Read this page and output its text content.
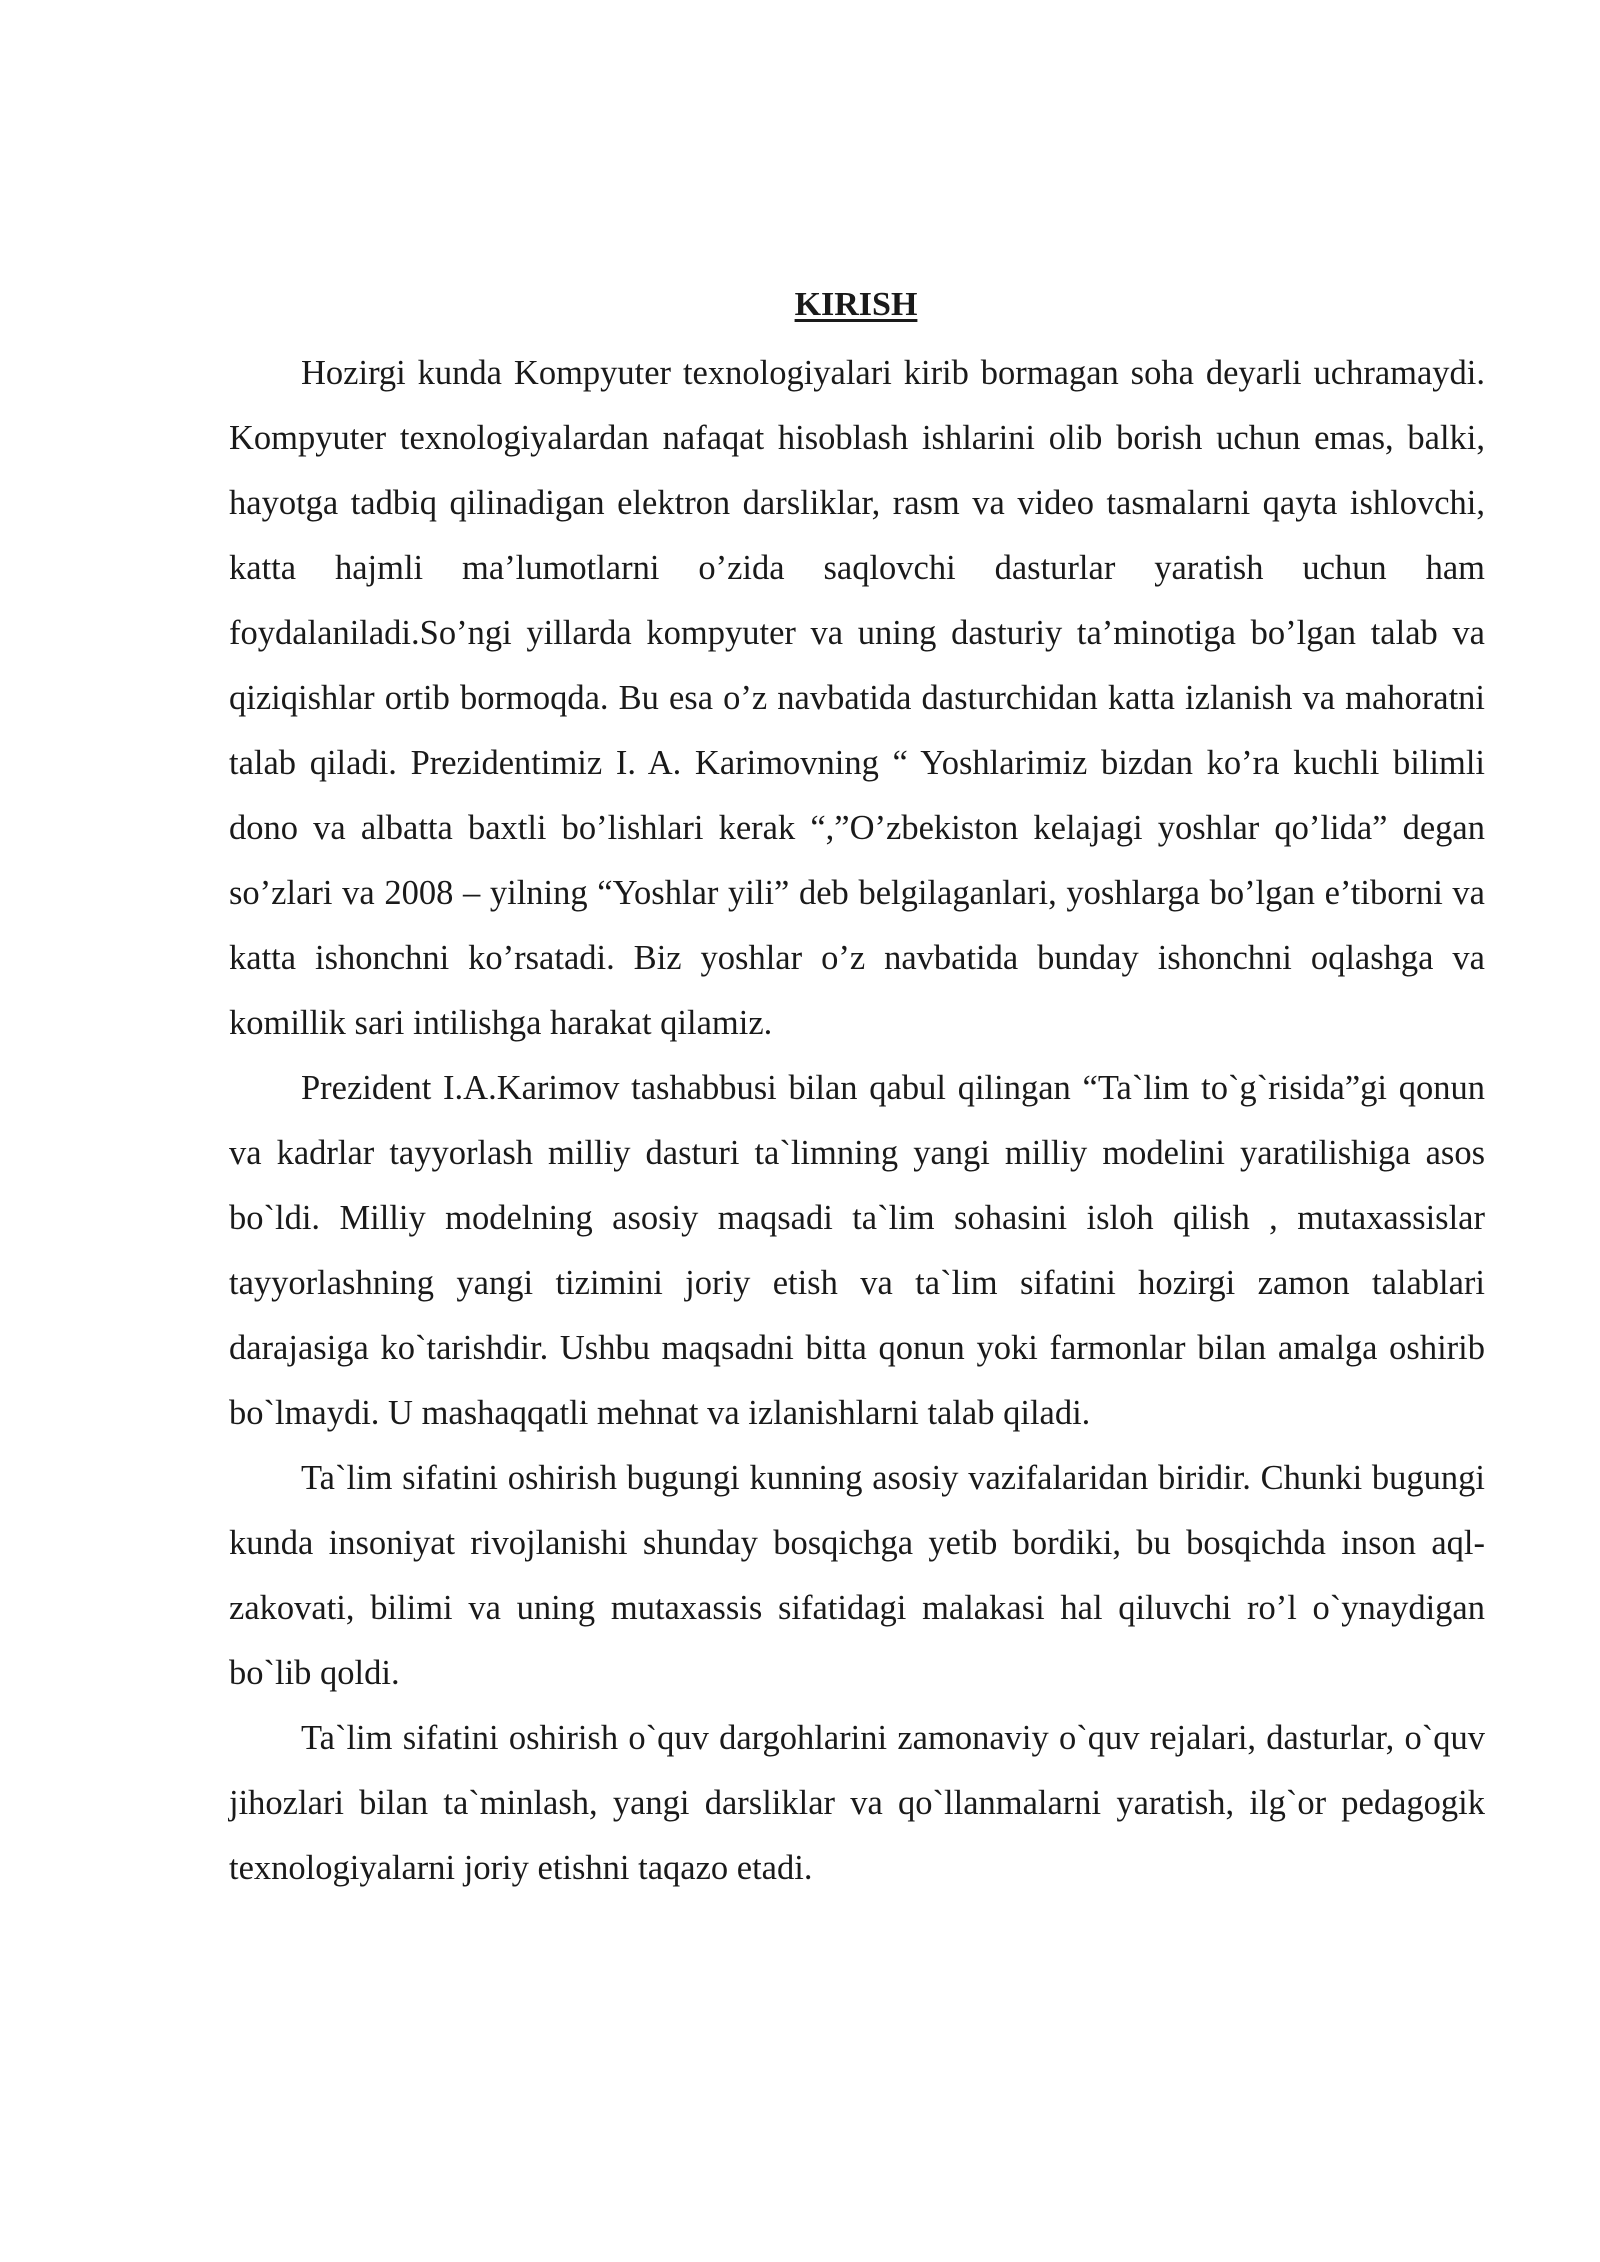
KIRISH

Hozirgi kunda Kompyuter texnologiyalari kirib bormagan soha deyarli uchramaydi. Kompyuter texnologiyalardan nafaqat hisoblash ishlarini olib borish uchun emas, balki, hayotga tadbiq qilinadigan elektron darsliklar, rasm va video tasmalarni qayta ishlovchi, katta hajmli ma’lumotlarni o’zida saqlovchi dasturlar yaratish uchun ham foydalaniladi.So’ngi yillarda kompyuter va uning dasturiy ta’minotiga bo’lgan talab va qiziqishlar ortib bormoqda. Bu esa o’z navbatida dasturchidan katta izlanish va mahoratni talab qiladi. Prezidentimiz I. A. Karimovning “ Yoshlarimiz bizdan ko’ra kuchli bilimli dono va albatta baxtli bo’lishlari kerak “,”O’zbekiston kelajagi yoshlar qo’lida” degan so’zlari va 2008 – yilning “Yoshlar yili” deb belgilaganlari, yoshlarga bo’lgan e’tiborni va katta ishonchni ko’rsatadi. Biz yoshlar o’z navbatida bunday ishonchni oqlashga va komillik sari intilishga harakat qilamiz.

Prezident I.A.Karimov tashabbusi bilan qabul qilingan “Ta`lim to`g`risida”gi qonun va kadrlar tayyorlash milliy dasturi ta`limning yangi milliy modelini yaratilishiga asos bo`ldi. Milliy modelning asosiy maqsadi ta`lim sohasini isloh qilish , mutaxassislar tayyorlashning yangi tizimini joriy etish va ta`lim sifatini hozirgi zamon talablari darajasiga ko`tarishdir. Ushbu maqsadni bitta qonun yoki farmonlar bilan amalga oshirib bo`lmaydi. U mashaqqatli mehnat va izlanishlarni talab qiladi.

Ta`lim sifatini oshirish bugungi kunning asosiy vazifalaridan biridir. Chunki bugungi kunda insoniyat rivojlanishi shunday bosqichga yetib bordiki, bu bosqichda inson aql-zakovati, bilimi va uning mutaxassis sifatidagi malakasi hal qiluvchi ro’l o`ynaydigan bo`lib qoldi.

Ta`lim sifatini oshirish o`quv dargohlarini zamonaviy o`quv rejalari, dasturlar, o`quv jihozlari bilan ta`minlash, yangi darsliklar va qo`llanmalarni yaratish, ilg`or pedagogik texnologiyalarni joriy etishni taqazo etadi.
